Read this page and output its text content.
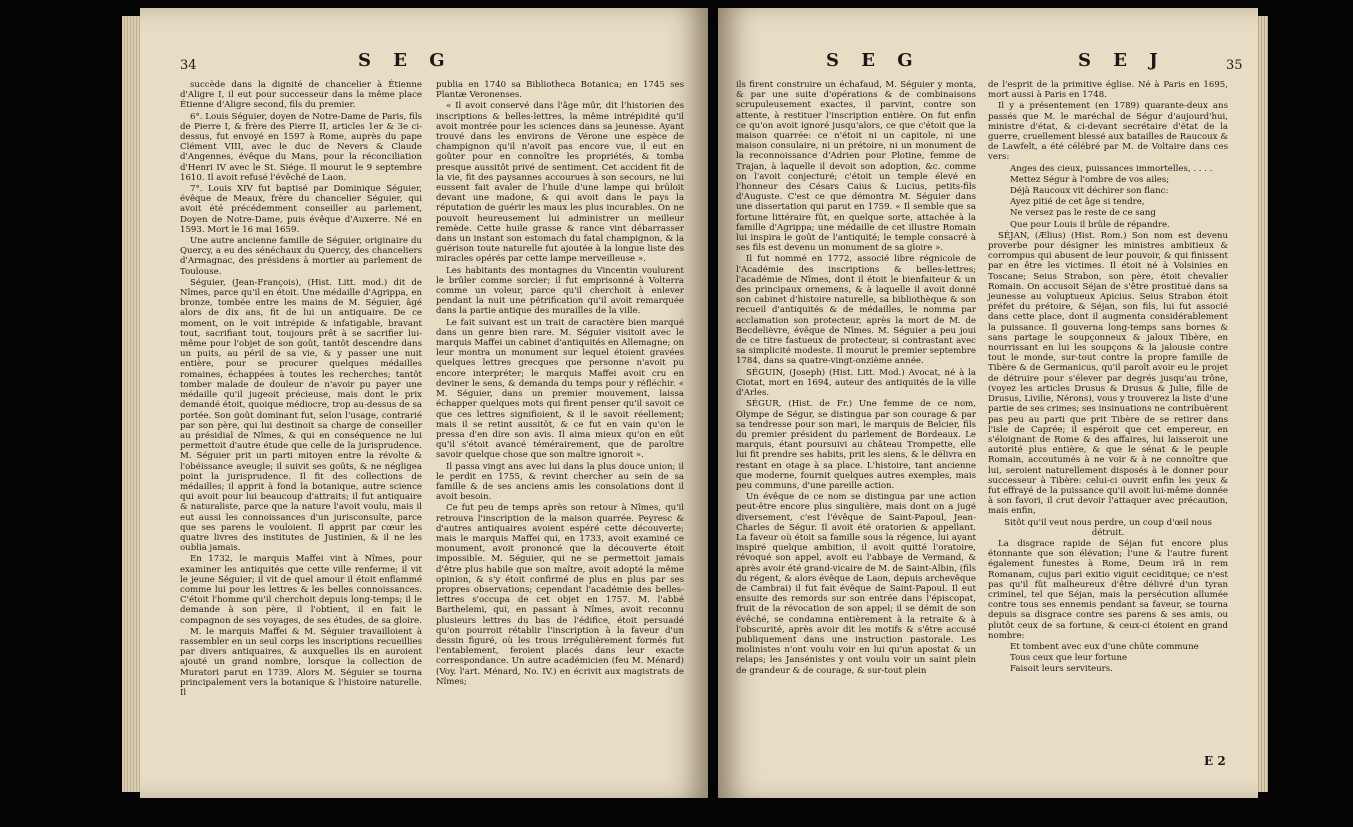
34	S E G

succède dans la dignité de chancelier à Étienne d'Aligre I, il eut pour successeur dans la même place Étienne d'Aligre second, fils du premier.

6°. Louis Séguier, doyen de Notre-Dame de Paris, fils de Pierre I, & frère des Pierre II, articles 1er & 3e ci-dessus, fut envoyé en 1597 à Rome, auprès du pape Clément VIII, avec le duc de Nevers & Claude d'Angennes, évêque du Mans, pour la réconciliation d'Henri IV avec le St. Siége. Il mourut le 9 septembre 1610. Il avoit refusé l'évêché de Laon.

7°. Louis XIV fut baptisé par Dominique Séguier, évêque de Meaux, frère du chancelier Séguier, qui avoit été précédemment conseiller au parlement, Doyen de Notre-Dame, puis évêque d'Auxerre. Né en 1593. Mort le 16 mai 1659.

Une autre ancienne famille de Séguier, originaire du Quercy, a eu des sénéchaux du Quercy, des chanceliers d'Armagnac, des présidens à mortier au parlement de Toulouse.

Séguier, (Jean-François), (Hist. Litt. mod.) dit de Nîmes, parce qu'il en étoit. Une médaille d'Agrippa, en bronze, tombée entre les mains de M. Séguier, âgé alors de dix ans, fit de lui un antiquaire. De ce moment, on le voit intrépide & infatigable, bravant tout, sacrifiant tout, toujours prêt à se sacrifier lui-même pour l'objet de son goût, tantôt descendre dans un puits, au péril de sa vie, & y passer une nuit entière, pour se procurer quelques médailles romaines, échappées à toutes les recherches; tantôt tomber malade de douleur de n'avoir pu payer une médaille qu'il jugeoit précieuse, mais dont le prix demandé étoit, quoique médiocre, trop au-dessus de sa portée. Son goût dominant fut, selon l'usage, contrarié par son père, qui lui destinoit sa charge de conseiller au présidial de Nîmes, & qui en conséquence ne lui permettoit d'autre étude que celle de la jurisprudence. M. Séguier prit un parti mitoyen entre la révolte & l'obéissance aveugle; il suivit ses goûts, & ne négligea point la jurisprudence. Il fit des collections de médailles; il apprit à fond la botanique, autre science qui avoit pour lui beaucoup d'attraits; il fut antiquaire & naturaliste, parce que la nature l'avoit voulu, mais il eut aussi les connoissances d'un jurisconsulte, parce que ses parens le vouloient. Il apprit par cœur les quatre livres des institutes de Justinien, & il ne les oublia jamais.

En 1732, le marquis Maffei vint à Nîmes, pour examiner les antiquités que cette ville renferme; il vit le jeune Séguier; il vit de quel amour il étoit enflammé comme lui pour les lettres & les belles connoissances. C'étoit l'homme qu'il cherchoit depuis long-temps; il le demande à son père, il l'obtient, il en fait le compagnon de ses voyages, de ses études, de sa gloire.

M. le marquis Maffei & M. Séguier travailloient à rassembler en un seul corps les inscriptions recueillies par divers antiquaires, & auxquelles ils en auroient ajouté un grand nombre, lorsque la collection de Muratori parut en 1739. Alors M. Séguier se tourna principalement vers la botanique & l'histoire naturelle. Il

publia en 1740 sa Bibliotheca Botanica; en 1745 ses Plantæ Veronenses.

« Il avoit conservé dans l'âge mûr, dit l'historien des inscriptions & belles-lettres, la même intrépidité qu'il avoit montrée pour les sciences dans sa jeunesse. Ayant trouvé dans les environs de Vérone une espèce de champignon qu'il n'avoit pas encore vue, il eut en goûter pour en connoître les propriétés, & tomba presque aussitôt privé de sentiment. Cet accident fit de la vie, fit des paysannes accourues à son secours, ne lui eussent fait avaler de l'huile d'une lampe qui brûloit devant une madone, & qui avoit dans le pays la réputation de guérir les maux les plus incurables. On ne pouvoit heureusement lui administrer un meilleur remède. Cette huile grasse & rance vint débarrasser dans un instant son estomach du fatal champignon, & la guérison toute naturelle fut ajoutée à la longue liste des miracles opérés par cette lampe merveilleuse ».

Les habitants des montagnes du Vincentin voulurent le brûler comme sorcier; il fut emprisonné à Volterra comme un voleur, parce qu'il cherchoit à enlever pendant la nuit une pétrification qu'il avoit remarquée dans la partie antique des murailles de la ville.

Le fait suivant est un trait de caractère bien marqué dans un genre bien rare. M. Séguier visitoit avec le marquis Maffei un cabinet d'antiquités en Allemagne; on leur montra un monument sur lequel étoient gravées quelques lettres grecques que personne n'avoit pu encore interpréter; le marquis Maffei avoit cru en deviner le sens, & demanda du temps pour y réfléchir. « M. Séguier, dans un premier mouvement, laissa échapper quelques mots qui firent penser qu'il savoit ce que ces lettres signifioient, & il le savoit réellement; mais il se retint aussitôt, & ce fut en vain qu'on le pressa d'en dire son avis. Il aima mieux qu'on en eût qu'il s'étoit avancé témérairement, que de paroître savoir quelque chose que son maître ignoroit ».

Il passa vingt ans avec lui dans la plus douce union; il le perdit en 1755, & revint chercher au sein de sa famille & de ses anciens amis les consolations dont il avoit besoin.

Ce fut peu de temps après son retour à Nîmes, qu'il retrouva l'inscription de la maison quarrée. Peyresc & d'autres antiquaires avoient espéré cette découverte; mais le marquis Maffei qui, en 1733, avoit examiné ce monument, avoit prononcé que la découverte étoit impossible. M. Séguier, qui ne se permettoit jamais d'être plus habile que son maître, avoit adopté la même opinion, & s'y étoit confirmé de plus en plus par ses propres observations; cependant l'académie des belles-lettres s'occupa de cet objet en 1757. M. l'abbé Barthelemi, qui, en passant à Nîmes, avoit reconnu plusieurs lettres du bas de l'édifice, étoit persuadé qu'on pourroit rétablir l'inscription à la faveur d'un dessin figuré, où les trous irrégulièrement formés fut l'entablement, feroient placés dans leur exacte correspondance. Un autre académicien (feu M. Ménard) (Voy. l'art. Ménard, No. IV.) en écrivit aux magistrats de Nîmes;

S E G	S E J	35

ils firent construire un échafaud, M. Séguier y monta, & par une suite d'opérations & de combinaisons scrupuleusement exactes, il parvint, contre son attente, à restituer l'inscription entière. On fut enfin ce qu'on avoit ignoré jusqu'alors, ce que c'étoit que la maison quarrée: ce n'étoit ni un capitole, ni une maison consulaire, ni un prétoire, ni un monument de la reconnoissance d'Adrien pour Plotine, femme de Trajan, à laquelle il devoit son adoption, &c. comme on l'avoit conjecturé; c'étoit un temple élevé en l'honneur des Césars Caius & Lucius, petits-fils d'Auguste. C'est ce que démontra M. Séguier dans une dissertation qui parut en 1759. « Il semble que sa fortune littéraire fût, en quelque sorte, attachée à la famille d'Agrippa; une médaille de cet illustre Romain lui inspira le goût de l'antiquité; le temple consacré à ses fils est devenu un monument de sa gloire ».

Il fut nommé en 1772, associé libre régnicole de l'Académie des inscriptions & belles-lettres; l'académie de Nîmes, dont il étoit le bienfaiteur & un des principaux ornemens, & à laquelle il avoit donné son cabinet d'histoire naturelle, sa bibliothèque & son recueil d'antiquités & de médailles, le nomma par acclamation son protecteur, après la mort de M. de Becdelièvre, évêque de Nîmes. M. Séguier a peu joui de ce titre fastueux de protecteur, si contrastant avec sa simplicité modeste. Il mourut le premier septembre 1784, dans sa quatre-vingt-onzième année.

SÉGUIN, (Joseph) (Hist. Litt. Mod.) Avocat, né à la Ciotat, mort en 1694, auteur des antiquités de la ville d'Arles.

SÉGUR, (Hist. de Fr.) Une femme de ce nom, Olympe de Ségur, se distingua par son courage & par sa tendresse pour son mari, le marquis de Belcier, fils du premier président du parlement de Bordeaux. Le marquis, étant poursuivi au château Trompette, elle lui fit prendre ses habits, prit les siens, & le délivra en restant en otage à sa place. L'histoire, tant ancienne que moderne, fournit quelques autres exemples, mais peu communs, d'une pareille action.

Un évêque de ce nom se distingua par une action peut-être encore plus singulière, mais dont on a jugé diversement, c'est l'évêque de Saint-Papoul, Jean-Charles de Ségur. Il avoit été oratorien & appellant. La faveur où étoit sa famille sous la régence, lui ayant inspiré quelque ambition, il avoit quitté l'oratoire, révoqué son appel, avoit eu l'abbaye de Vermand, & après avoir été grand-vicaire de M. de Saint-Albin, (fils du régent, & alors évêque de Laon, depuis archevêque de Cambrai) il fut fait évêque de Saint-Papoul. Il eut ensuite des remords sur son entrée dans l'épiscopat, fruit de la révocation de son appel; il se démit de son évêché, se condamna entièrement à la retraite & à l'obscurité, après avoir dit les motifs & s'être accusé publiquement dans une instruction pastorale. Les molinistes n'ont voulu voir en lui qu'un apostat & un relaps; les Jansénistes y ont voulu voir un saint plein de grandeur & de courage, & sur-tout plein

de l'esprit de la primitive église. Né à Paris en 1695, mort aussi à Paris en 1748.

Il y a présentement (en 1789) quarante-deux ans passés que M. le maréchal de Ségur d'aujourd'hui, ministre d'état, & ci-devant secrétaire d'état de la guerre, cruellement blessé aux batailles de Raucoux & de Lawfelt, a été célébré par M. de Voltaire dans ces vers:

Anges des cieux, puissances immortelles, . . . .

Mettez Ségur à l'ombre de vos ailes;

Déjà Raucoux vit déchirer son flanc:

Ayez pitié de cet âge si tendre,

Ne versez pas le reste de ce sang

Que pour Louis il brûle de répandre.

SÉJAN, (Ælius) (Hist. Rom.) Son nom est devenu proverbe pour désigner les ministres ambitieux & corrompus qui abusent de leur pouvoir, & qui finissent par en être les victimes. Il étoit né à Volsinies en Toscane; Seius Strabon, son père, étoit chevalier Romain. On accusoit Séjan de s'être prostitué dans sa jeunesse au voluptueux Apicius. Seius Strabon étoit préfet du prétoire, & Séjan, son fils, lui fut associé dans cette place, dont il augmenta considérablement la puissance. Il gouverna long-temps sans bornes & sans partage le soupçonneux & jaloux Tibère, en nourrissant en lui les soupçons & la jalousie contre tout le monde, sur-tout contre la propre famille de Tibère & de Germanicus, qu'il paroît avoir eu le projet de détruire pour s'élever par degrés jusqu'au trône, (voyez les articles Drusus & Drusus & Julie, fille de Drusus, Livilie, Nérons), vous y trouverez la liste d'une partie de ses crimes; ses insinuations ne contribuèrent pas peu au parti que prit Tibère de se retirer dans l'isle de Caprée; il espéroit que cet empereur, en s'éloignant de Rome & des affaires, lui laisseroit une autorité plus entière, & que le sénat & le peuple Romain, accoutumés à ne voir & à ne connoître que lui, seroient naturellement disposés à le donner pour successeur à Tibère: celui-ci ouvrit enfin les yeux & fut effrayé de la puissance qu'il avoit lui-même donnée à son favori, il crut devoir l'attaquer avec précaution, mais enfin,

Sitôt qu'il veut nous perdre, un coup d'œil nous détruit.

La disgrace rapide de Séjan fut encore plus étonnante que son élévation; l'une & l'autre furent également funestes à Rome, Deum irâ in rem Romanam, cujus pari exitio viguit ceciditque; ce n'est pas qu'il fût malheureux d'être délivré d'un tyran criminel, tel que Séjan, mais la persécution allumée contre tous ses ennemis pendant sa faveur, se tourna depuis sa disgrace contre ses parens & ses amis, ou plutôt ceux de sa fortune, & ceux-ci étoient en grand nombre:

Et tombent avec eux d'une chûte commune

Tous ceux que leur fortune

Faisoit leurs serviteurs.

E 2
